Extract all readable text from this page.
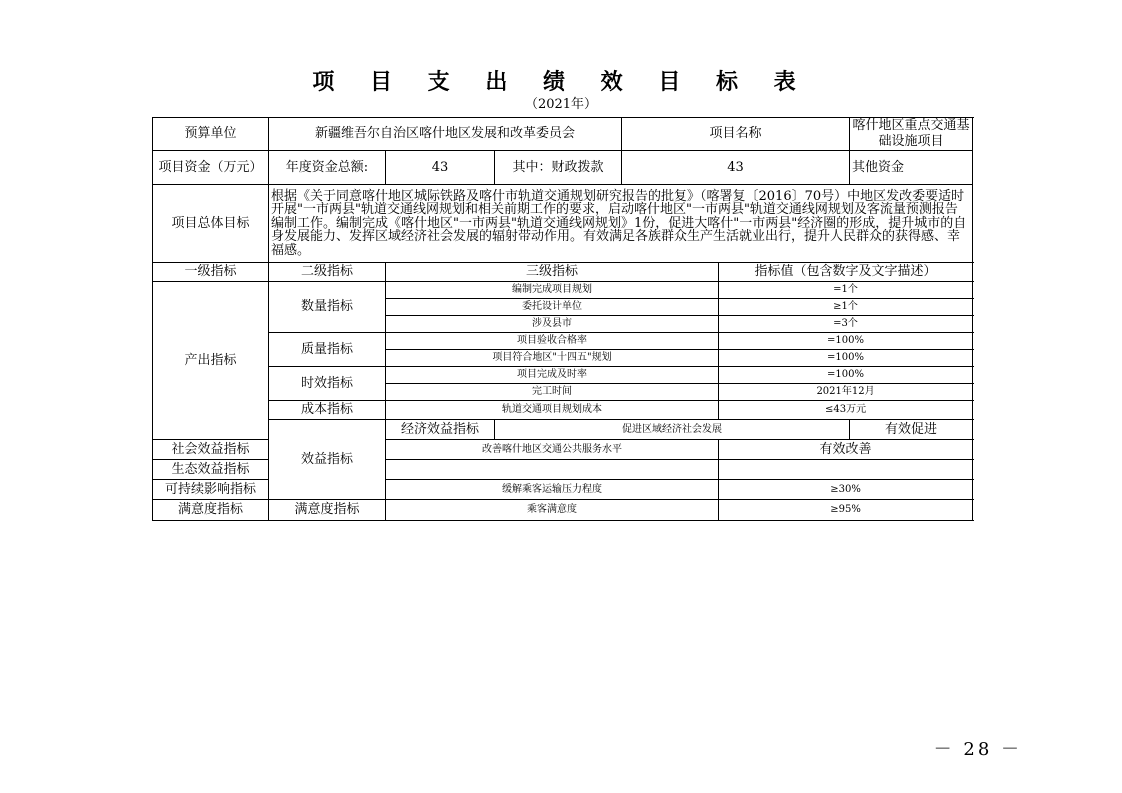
项 目 支 出 绩 效 目 标 表
（2021年）
预算单位	新疆维吾尔自治区喀什地区发展和改革委员会			项目名称		喀什地区重点交通基础设施项目	
项目资金（万元）	年度资金总额:	43	其中：财政拨款	43		其他资金	
项目总体目标	根据《关于同意喀什地区城际铁路及喀什市轨道交通规划研究报告的批复》（喀署复〔2016〕70号）中地区发改委要适时开展"一市两县"轨道交通线网规划和相关前期工作的要求，启动喀什地区"一市两县"轨道交通线网规划及客流量预测报告编制工作。编制完成《喀什地区"一市两县"轨道交通线网规划》1份，促进大喀什"一市两县"经济圈的形成，提升城市的自身发展能力、发挥区域经济社会发展的辐射带动作用。有效满足各族群众生产生活就业出行，提升人民群众的获得感、幸福感。						
一级指标	二级指标	三级指标			指标值（包含数字及文字描述）		
产出指标	数量指标	编制完成项目规划			=1个		
		委托设计单位			≥1个		
		涉及县市			=3个		
	质量指标	项目验收合格率			=100%		
		项目符合地区"十四五"规划			=100%		
	时效指标	项目完成及时率			=100%		
		完工时间			2021年12月		
	成本指标	轨道交通项目规划成本			≤43万元		
	效益指标	经济效益指标	促进区域经济社会发展			有效促进	
社会效益指标		改善喀什地区交通公共服务水平			有效改善		
生态效益指标							
可持续影响指标		缓解乘客运输压力程度			≥30%		
满意度指标	满意度指标	乘客满意度			≥95%		
－ 28 －
